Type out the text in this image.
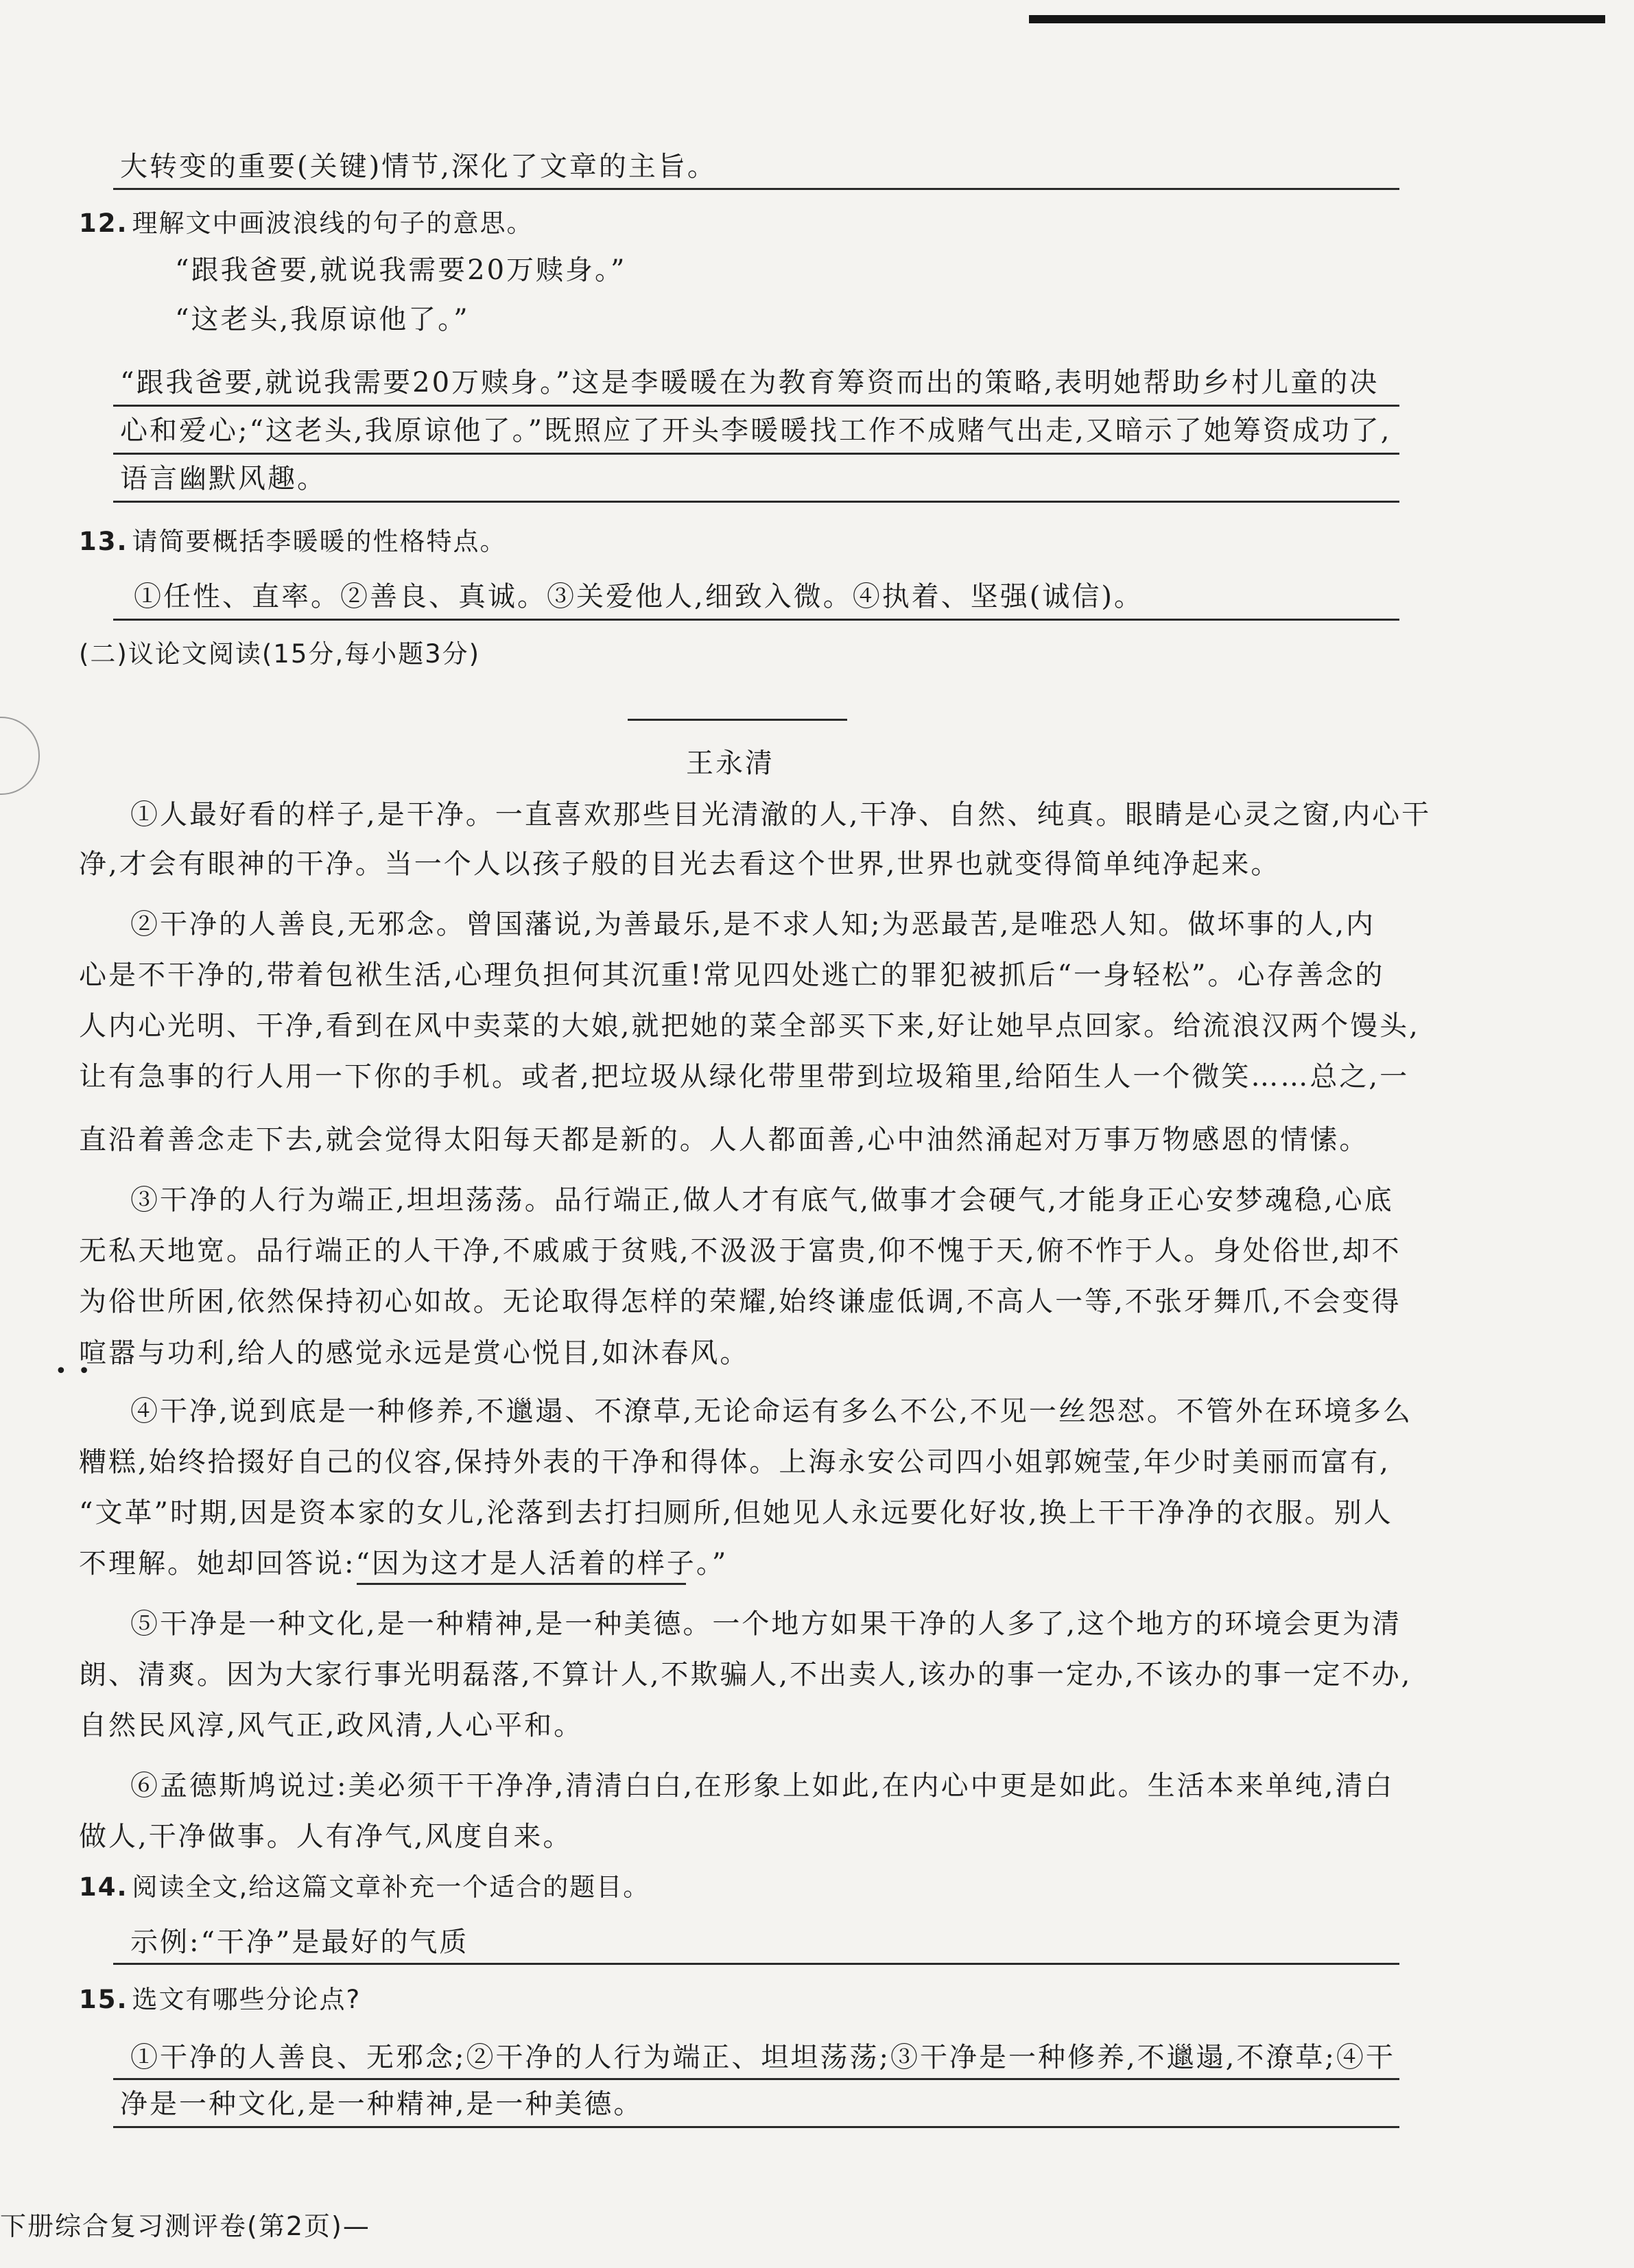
大转变的重要(关键)情节,深化了文章的主旨。
12. 理解文中画波浪线的句子的意思。
“跟我爸要,就说我需要20万赎身。”
“这老头,我原谅他了。”
“跟我爸要,就说我需要20万赎身。”这是李暖暖在为教育筹资而出的策略,表明她帮助乡村儿童的决
心和爱心;“这老头,我原谅他了。”既照应了开头李暖暖找工作不成赌气出走,又暗示了她筹资成功了,
语言幽默风趣。
13. 请简要概括李暖暖的性格特点。
①任性、直率。②善良、真诚。③关爱他人,细致入微。④执着、坚强(诚信)。
(二)议论文阅读(15分,每小题3分)
王永清
①人最好看的样子,是干净。一直喜欢那些目光清澈的人,干净、自然、纯真。眼睛是心灵之窗,内心干
净,才会有眼神的干净。当一个人以孩子般的目光去看这个世界,世界也就变得简单纯净起来。
②干净的人善良,无邪念。曾国藩说,为善最乐,是不求人知;为恶最苦,是唯恐人知。做坏事的人,内
心是不干净的,带着包袱生活,心理负担何其沉重!常见四处逃亡的罪犯被抓后“一身轻松”。心存善念的
人内心光明、干净,看到在风中卖菜的大娘,就把她的菜全部买下来,好让她早点回家。给流浪汉两个馒头,
让有急事的行人用一下你的手机。或者,把垃圾从绿化带里带到垃圾箱里,给陌生人一个微笑……总之,一
直沿着善念走下去,就会觉得太阳每天都是新的。人人都面善,心中油然涌起对万事万物感恩的情愫。
③干净的人行为端正,坦坦荡荡。品行端正,做人才有底气,做事才会硬气,才能身正心安梦魂稳,心底
无私天地宽。品行端正的人干净,不戚戚于贫贱,不汲汲于富贵,仰不愧于天,俯不怍于人。身处俗世,却不
为俗世所困,依然保持初心如故。无论取得怎样的荣耀,始终谦虚低调,不高人一等,不张牙舞爪,不会变得
喧嚣与功利,给人的感觉永远是赏心悦目,如沐春风。
••
④干净,说到底是一种修养,不邋遢、不潦草,无论命运有多么不公,不见一丝怨怼。不管外在环境多么
糟糕,始终拾掇好自己的仪容,保持外表的干净和得体。上海永安公司四小姐郭婉莹,年少时美丽而富有,
“文革”时期,因是资本家的女儿,沦落到去打扫厕所,但她见人永远要化好妆,换上干干净净的衣服。别人
不理解。她却回答说:“因为这才是人活着的样子。”
⑤干净是一种文化,是一种精神,是一种美德。一个地方如果干净的人多了,这个地方的环境会更为清
朗、清爽。因为大家行事光明磊落,不算计人,不欺骗人,不出卖人,该办的事一定办,不该办的事一定不办,
自然民风淳,风气正,政风清,人心平和。
⑥孟德斯鸠说过:美必须干干净净,清清白白,在形象上如此,在内心中更是如此。生活本来单纯,清白
做人,干净做事。人有净气,风度自来。
14. 阅读全文,给这篇文章补充一个适合的题目。
示例:“干净”是最好的气质
15. 选文有哪些分论点?
①干净的人善良、无邪念;②干净的人行为端正、坦坦荡荡;③干净是一种修养,不邋遢,不潦草;④干
净是一种文化,是一种精神,是一种美德。
下册综合复习测评卷(第2页)—
